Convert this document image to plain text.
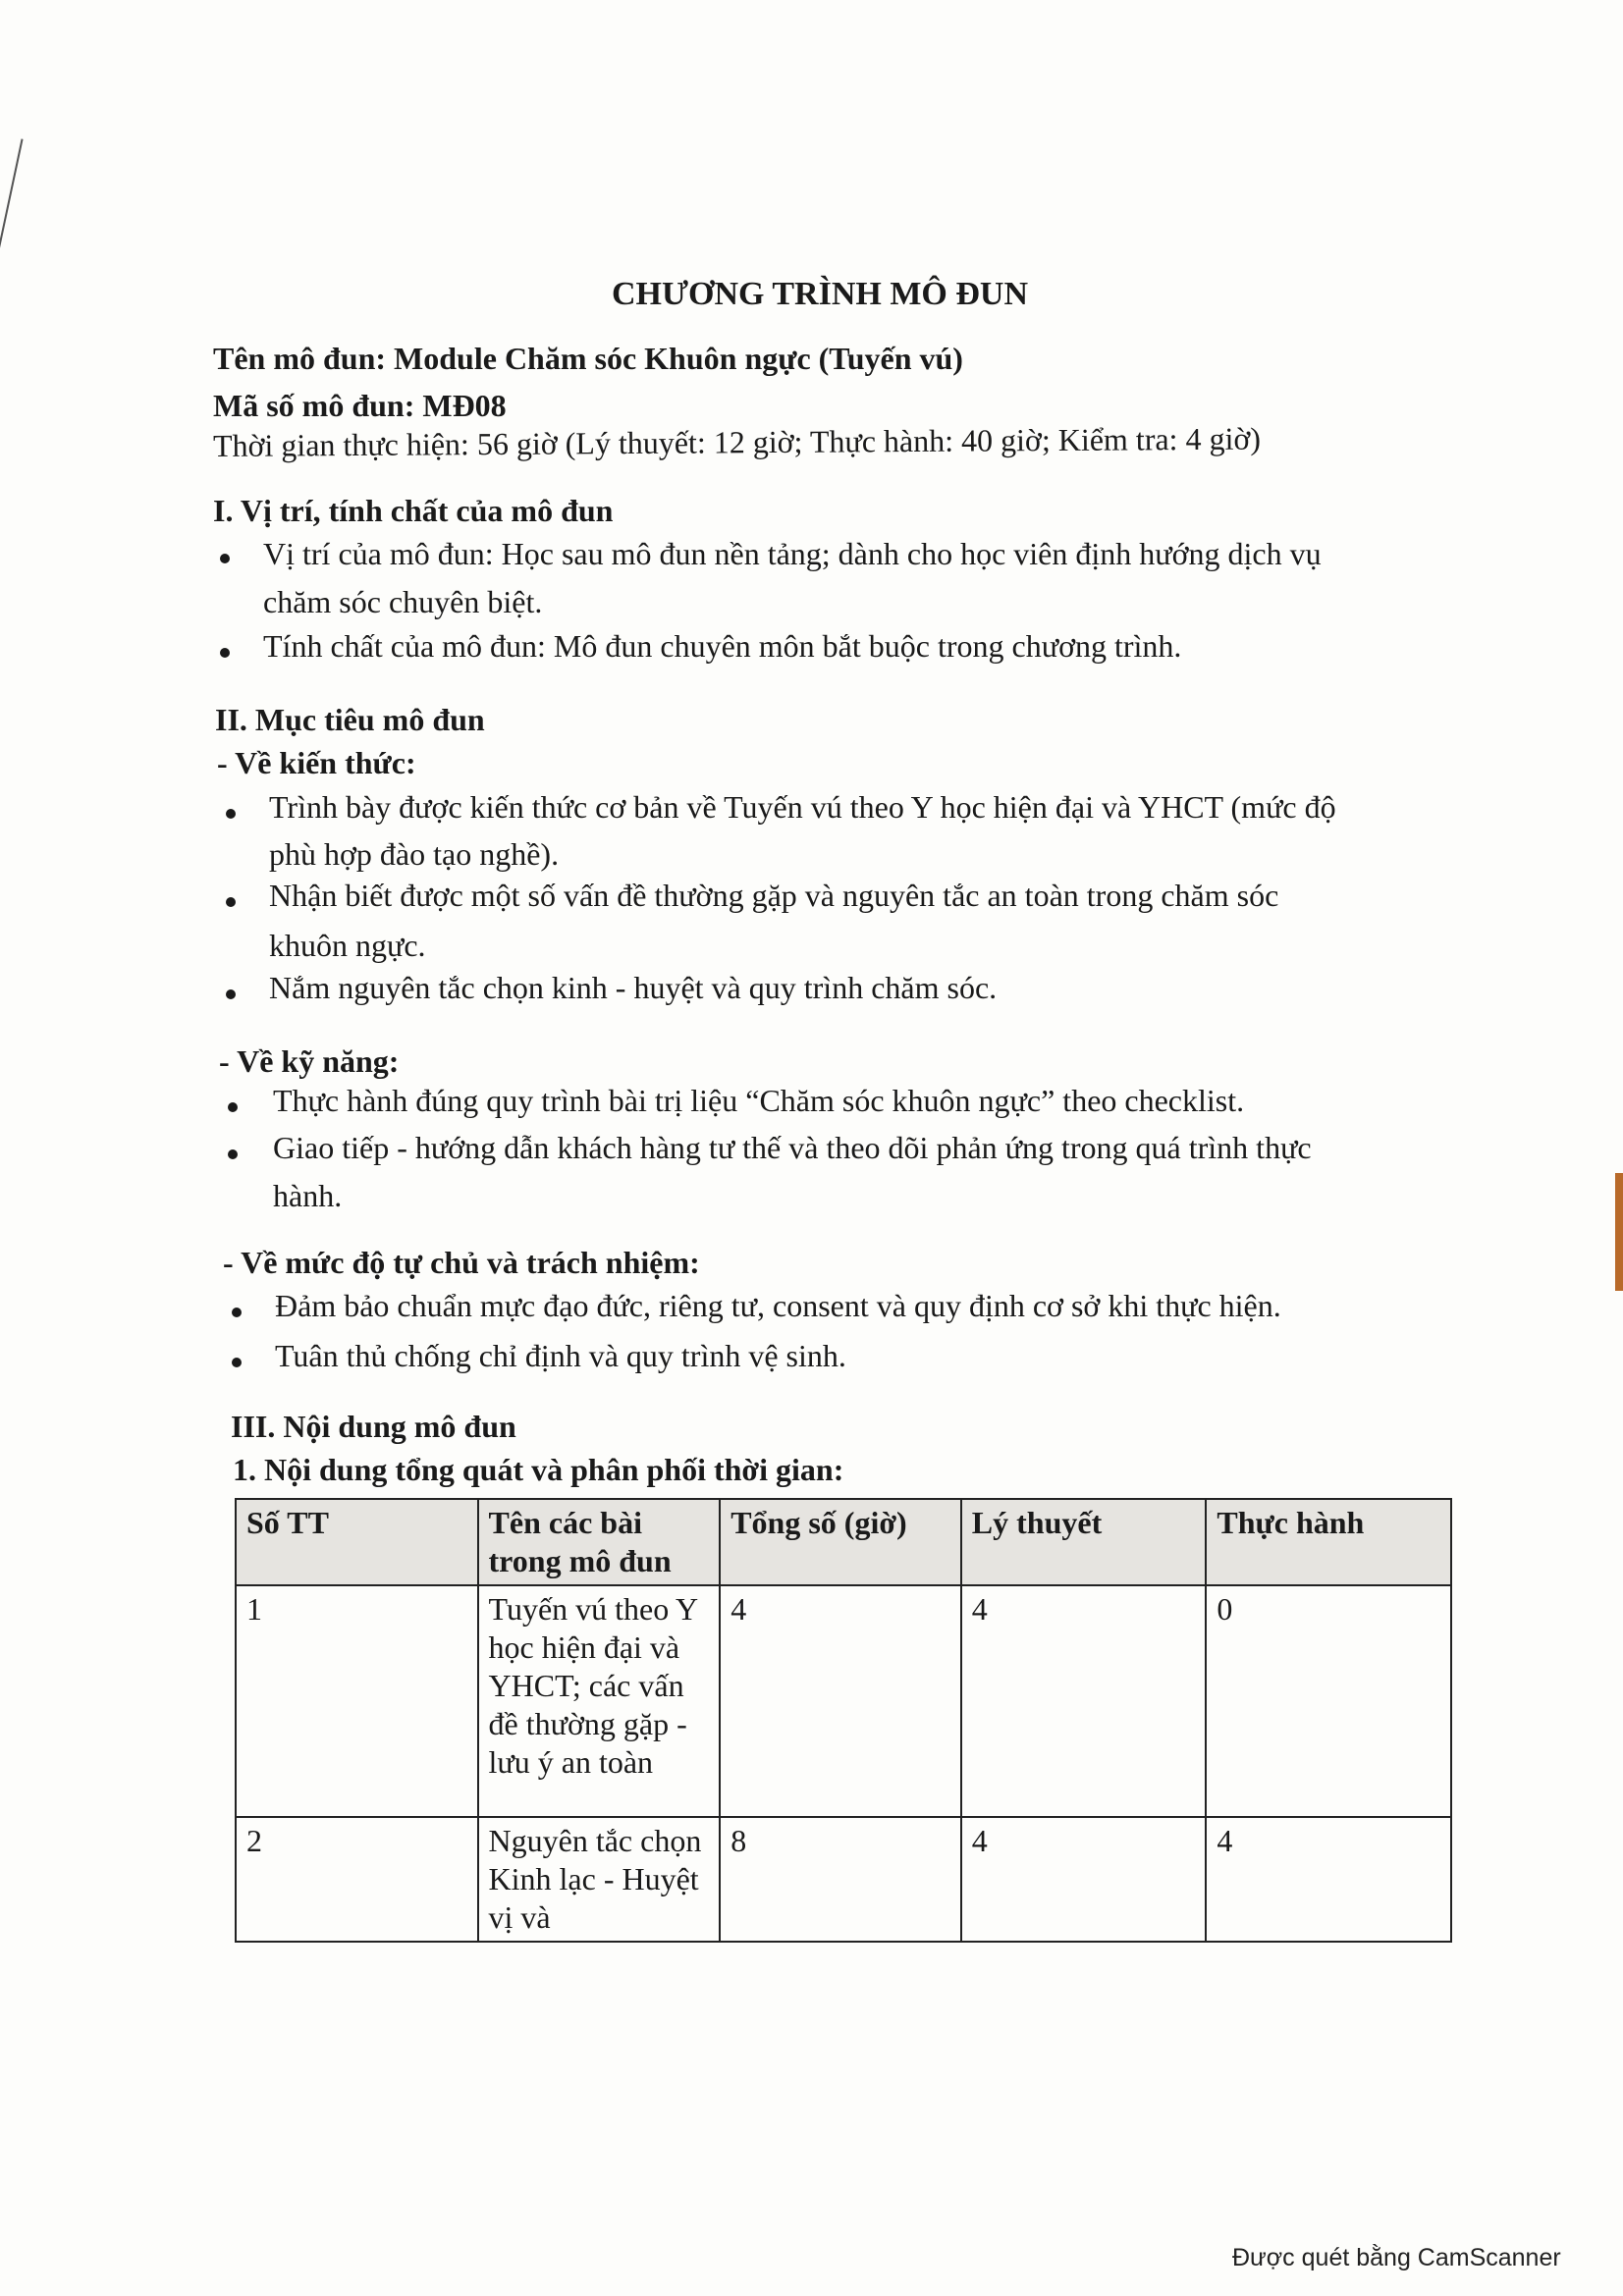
CHƯƠNG TRÌNH MÔ ĐUN
Tên mô đun: Module Chăm sóc Khuôn ngực (Tuyến vú)
Mã số mô đun: MĐ08
Thời gian thực hiện: 56 giờ (Lý thuyết: 12 giờ; Thực hành: 40 giờ; Kiểm tra: 4 giờ)
I. Vị trí, tính chất của mô đun
Vị trí của mô đun: Học sau mô đun nền tảng; dành cho học viên định hướng dịch vụ
chăm sóc chuyên biệt.
Tính chất của mô đun: Mô đun chuyên môn bắt buộc trong chương trình.
II. Mục tiêu mô đun
- Về kiến thức:
Trình bày được kiến thức cơ bản về Tuyến vú theo Y học hiện đại và YHCT (mức độ
phù hợp đào tạo nghề).
Nhận biết được một số vấn đề thường gặp và nguyên tắc an toàn trong chăm sóc
khuôn ngực.
Nắm nguyên tắc chọn kinh - huyệt và quy trình chăm sóc.
- Về kỹ năng:
Thực hành đúng quy trình bài trị liệu “Chăm sóc khuôn ngực” theo checklist.
Giao tiếp - hướng dẫn khách hàng tư thế và theo dõi phản ứng trong quá trình thực
hành.
- Về mức độ tự chủ và trách nhiệm:
Đảm bảo chuẩn mực đạo đức, riêng tư, consent và quy định cơ sở khi thực hiện.
Tuân thủ chống chỉ định và quy trình vệ sinh.
III. Nội dung mô đun
1. Nội dung tổng quát và phân phối thời gian:
Số TT	Tên các bài trong mô đun	Tổng số (giờ)	Lý thuyết	Thực hành
1	Tuyến vú theo Y học hiện đại và YHCT; các vấn đề thường gặp - lưu ý an toàn	4	4	0
2	Nguyên tắc chọn Kinh lạc - Huyệt vị và	8	4	4
Được quét bằng CamScanner
